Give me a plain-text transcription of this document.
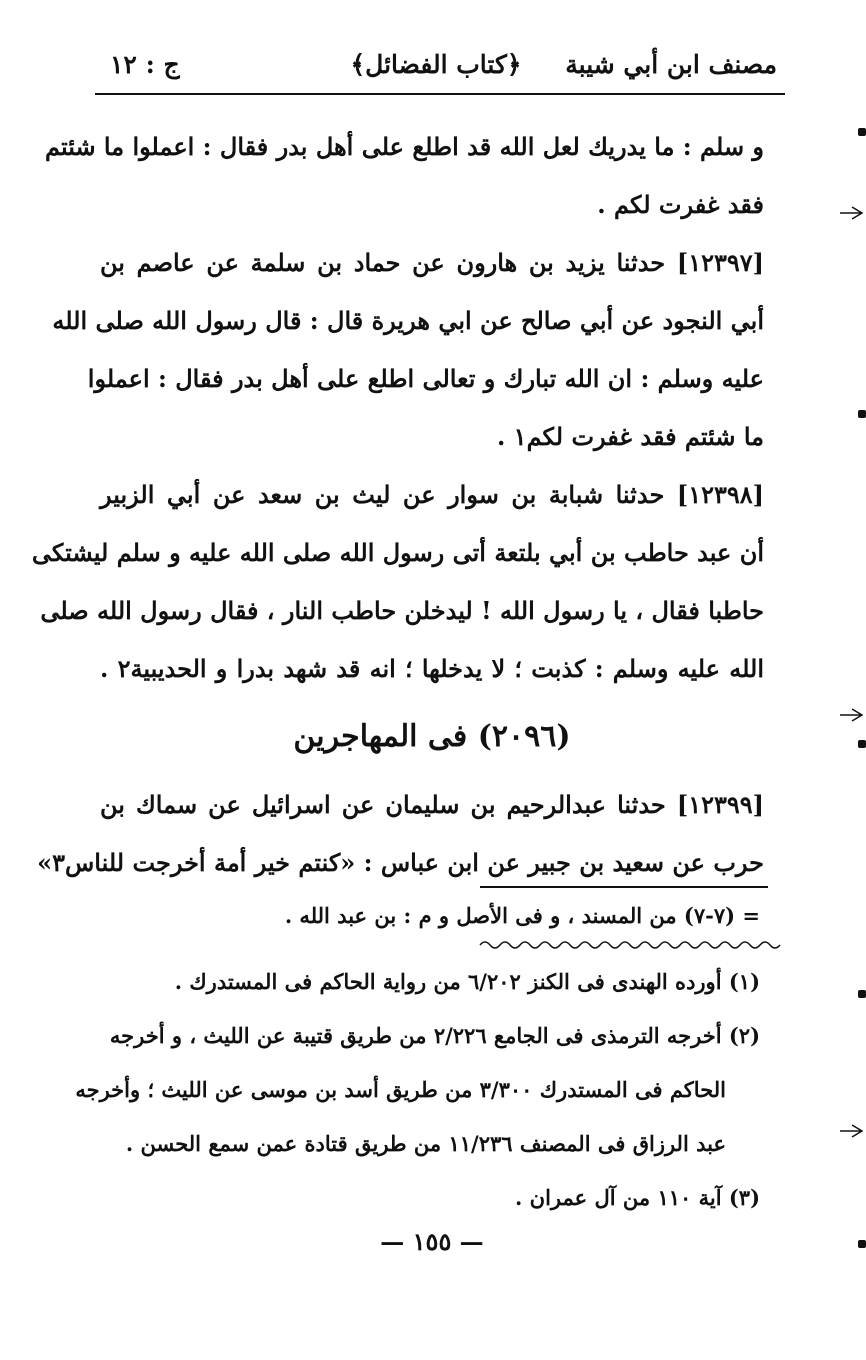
مصنف ابن أبي شيبة
﴿كتاب الفضائل﴾
ج : ١٢
و سلم : ما يدريك لعل الله قد اطلع على أهل بدر فقال : اعملوا ما شئتم
فقد غفرت لكم .
[١٢٣٩٧] حدثنا يزيد بن هارون عن حماد بن سلمة عن عاصم بن
أبي النجود عن أبي صالح عن ابي هريرة قال : قال رسول الله صلى الله
عليه وسلم : ان الله تبارك و تعالى اطلع على أهل بدر فقال : اعملوا
ما شئتم فقد غفرت لكم١ .
[١٢٣٩٨] حدثنا شبابة بن سوار عن ليث بن سعد عن أبي الزبير
أن عبد حاطب بن أبي بلتعة أتى رسول الله صلى الله عليه و سلم ليشتكى
حاطبا فقال ، يا رسول الله ! ليدخلن حاطب النار ، فقال رسول الله صلى
الله عليه وسلم : كذبت ؛ لا يدخلها ؛ انه قد شهد بدرا و الحديبية٢ .
(٢٠٩٦) فى المهاجرين
[١٢٣٩٩] حدثنا عبدالرحيم بن سليمان عن اسرائيل عن سماك بن
حرب عن سعيد بن جبير عن ابن عباس : «كنتم خير أمة أخرجت للناس٣»
= (٧-٧) من المسند ، و فى الأصل و م : بن عبد الله .
(١) أورده الهندى فى الكنز ٦/٢٠٢ من رواية الحاكم فى المستدرك .
(٢) أخرجه الترمذى فى الجامع ٢/٢٢٦ من طريق قتيبة عن الليث ، و أخرجه
الحاكم فى المستدرك ٣/٣٠٠ من طريق أسد بن موسى عن الليث ؛ وأخرجه
عبد الرزاق فى المصنف ١١/٢٣٦ من طريق قتادة عمن سمع الحسن .
(٣) آية ١١٠ من آل عمران .
— ١٥٥ —
